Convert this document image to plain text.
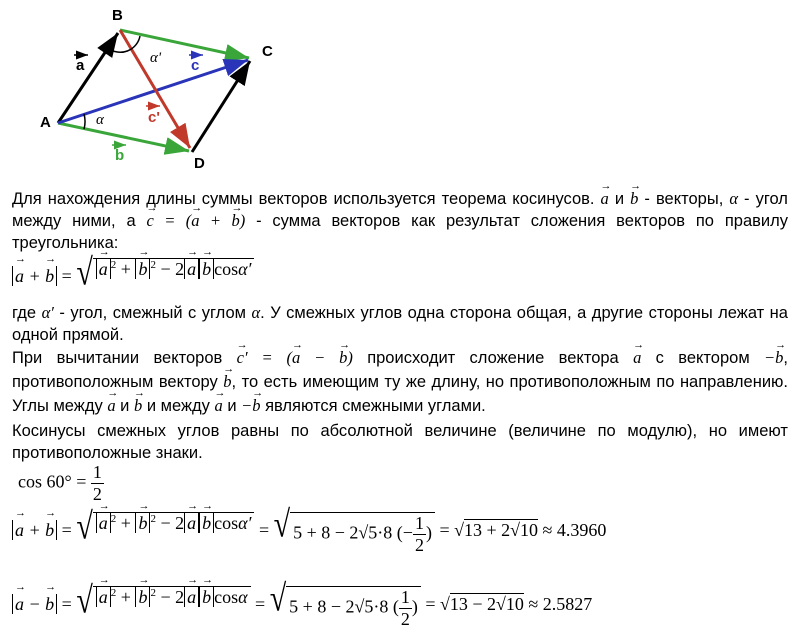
A
B
C
D
a
b
c
c'
α
α'
Для нахождения длины суммы векторов используется теорема косинусов. → a и → b - векторы, α - угол между ними, а → c = (→ a + → b) - сумма векторов как результат сложения векторов по правилу треугольника:
→ a + → b = √ → a $^2$ + → b $^2$ − 2 → a → b cosα′
где α′ - угол, смежный с углом α. У смежных углов одна сторона общая, а другие стороны лежат на одной прямой.
При вычитании векторов → c′ = (→ a − → b) происходит сложение вектора → a с вектором −→ b, противоположным вектору → b, то есть имеющим ту же длину, но противоположным по направлению. Углы между → a и → b и между → a и −→ b являются смежными углами.
Косинусы смежных углов равны по абсолютной величине (величине по модулю), но имеют противоположные знаки.
$\cos 60^\circ = \frac{1}{2}$
→ a + → b = √ → a $^2$ + → b $^2$ − 2 → a → b cosα′ = √ 5 + 8 − 2√5·8 (− $\frac{1}{2}$ ) = √13 + 2√10 ≈ 4.3960
→ a − → b = √ → a $^2$ + → b $^2$ − 2 → a → b cosα = √ 5 + 8 − 2√5·8 ( $\frac{1}{2}$ ) = √13 − 2√10 ≈ 2.5827
